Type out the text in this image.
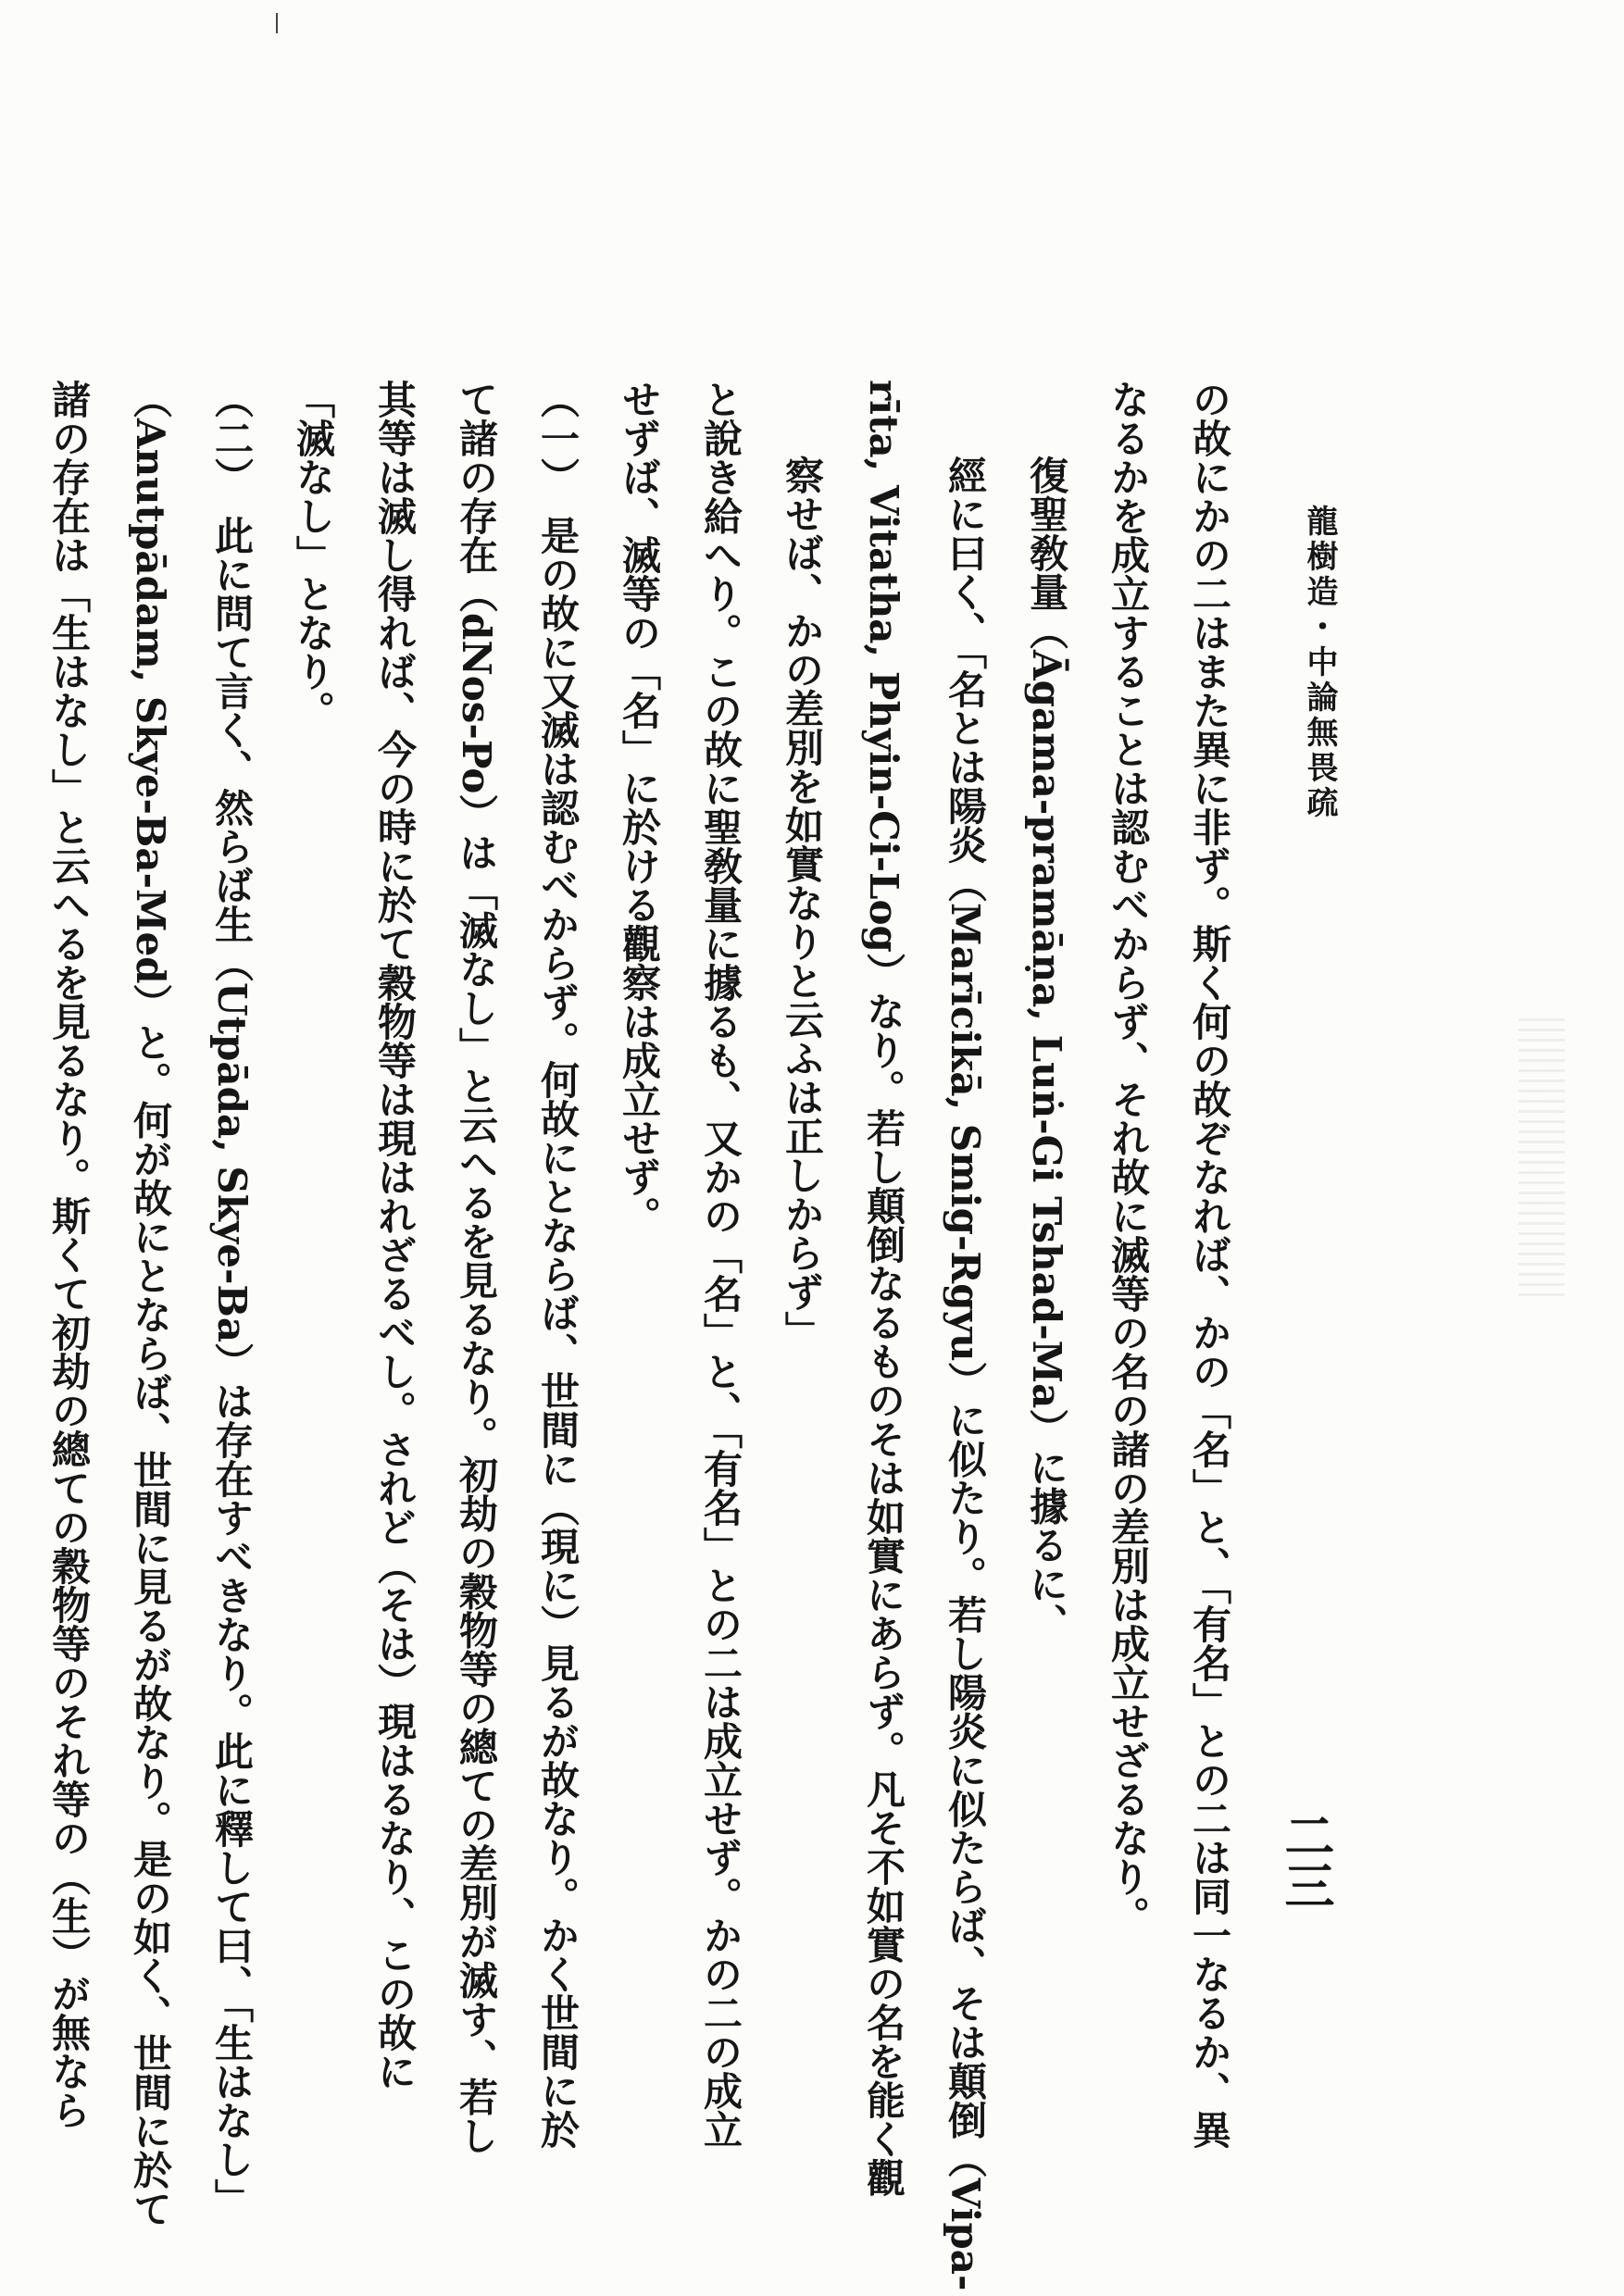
龍樹造・中論無畏疏
二三
の故にかの二はまた異に非ず。斯く何の故ぞなれば、かの「名」と、「有名」との二は同一なるか、異
なるかを成立することは認むべからず、それ故に滅等の名の諸の差別は成立せざるなり。
復聖敎量（Āgama-pramāṇa, Luṅ-Gi Tshad-Ma）に據るに、
經に曰く、「名とは陽炎（Marīcikā, Smig-Rgyu）に似たり。若し陽炎に似たらば、そは顛倒（Vipa-
rīta, Vitatha, Phyin-Ci-Log）なり。若し顛倒なるものそは如實にあらず。凡そ不如實の名を能く觀
察せば、かの差別を如實なりと云ふは正しからず」
と說き給へり。この故に聖敎量に據るも、又かの「名」と、「有名」との二は成立せず。かの二の成立
せずば、滅等の「名」に於ける觀察は成立せず。
（一）　是の故に又滅は認むべからず。何故にとならば、世間に（現に）見るが故なり。かく世間に於
て諸の存在（dNos-Po）は「滅なし」と云へるを見るなり。初劫の穀物等の總ての差別が滅す、若し
其等は滅し得れば、今の時に於て穀物等は現はれざるべし。されど（そは）現はるなり、この故に
「滅なし」となり。
（二）　此に問て言く、然らば生（Utpāda, Skye-Ba）は存在すべきなり。此に釋して曰、「生はなし」
（Anutpādam, Skye-Ba-Med）と。何が故にとならば、世間に見るが故なり。是の如く、世間に於て
諸の存在は「生はなし」と云へるを見るなり。斯くて初劫の總ての穀物等のそれ等の（生）が無なら
